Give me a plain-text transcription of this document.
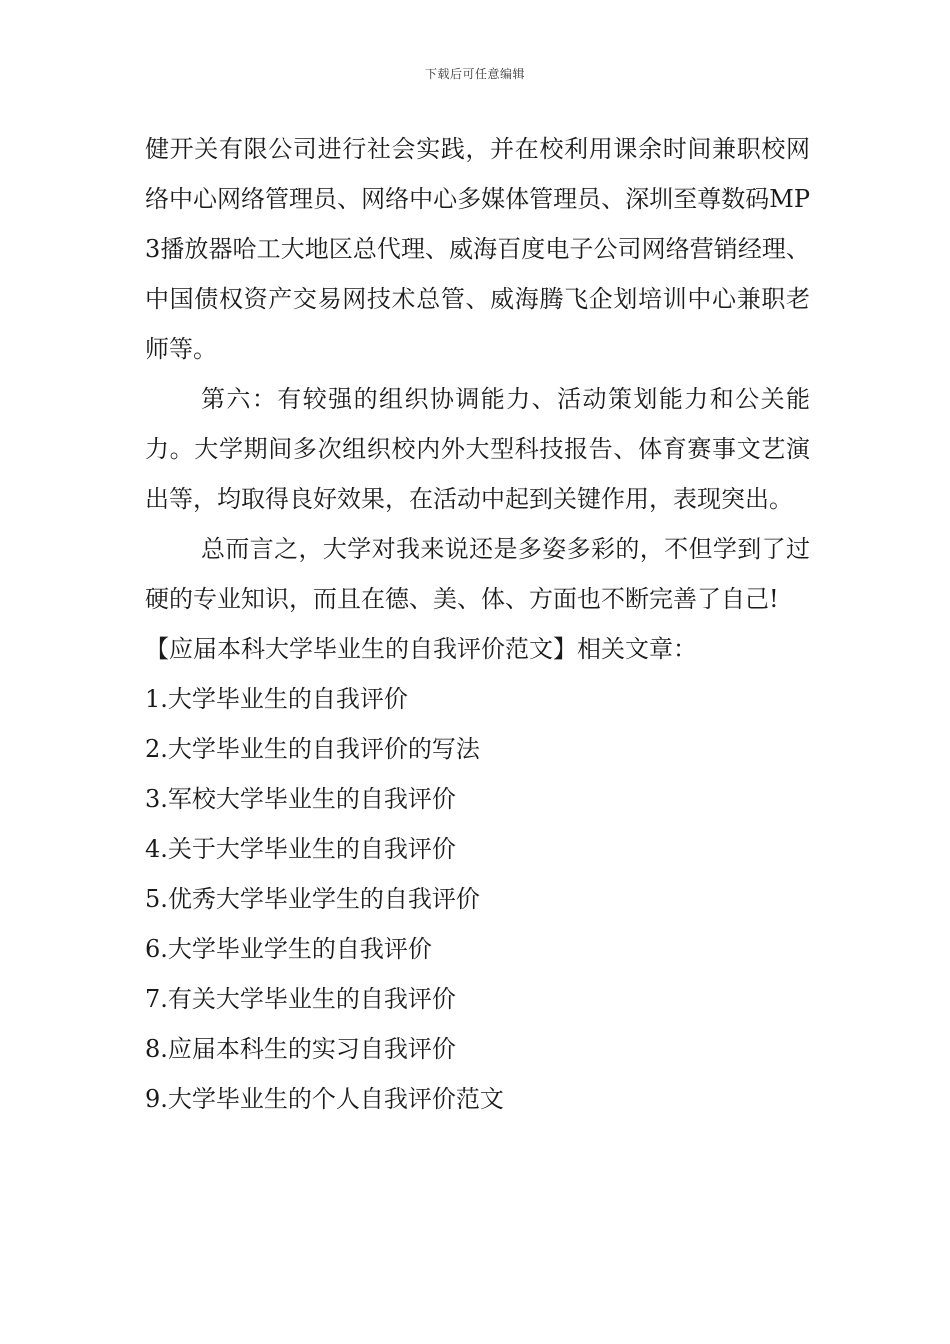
下载后可任意编辑

健开关有限公司进行社会实践，并在校利用课余时间兼职校网络中心网络管理员、网络中心多媒体管理员、深圳至尊数码MP3播放器哈工大地区总代理、威海百度电子公司网络营销经理、中国债权资产交易网技术总管、威海腾飞企划培训中心兼职老师等。

第六：有较强的组织协调能力、活动策划能力和公关能力。大学期间多次组织校内外大型科技报告、体育赛事文艺演出等，均取得良好效果，在活动中起到关键作用，表现突出。

总而言之，大学对我来说还是多姿多彩的，不但学到了过硬的专业知识，而且在德、美、体、方面也不断完善了自己!

【应届本科大学毕业生的自我评价范文】相关文章：

1.大学毕业生的自我评价
2.大学毕业生的自我评价的写法
3.军校大学毕业生的自我评价
4.关于大学毕业生的自我评价
5.优秀大学毕业学生的自我评价
6.大学毕业学生的自我评价
7.有关大学毕业生的自我评价
8.应届本科生的实习自我评价
9.大学毕业生的个人自我评价范文
